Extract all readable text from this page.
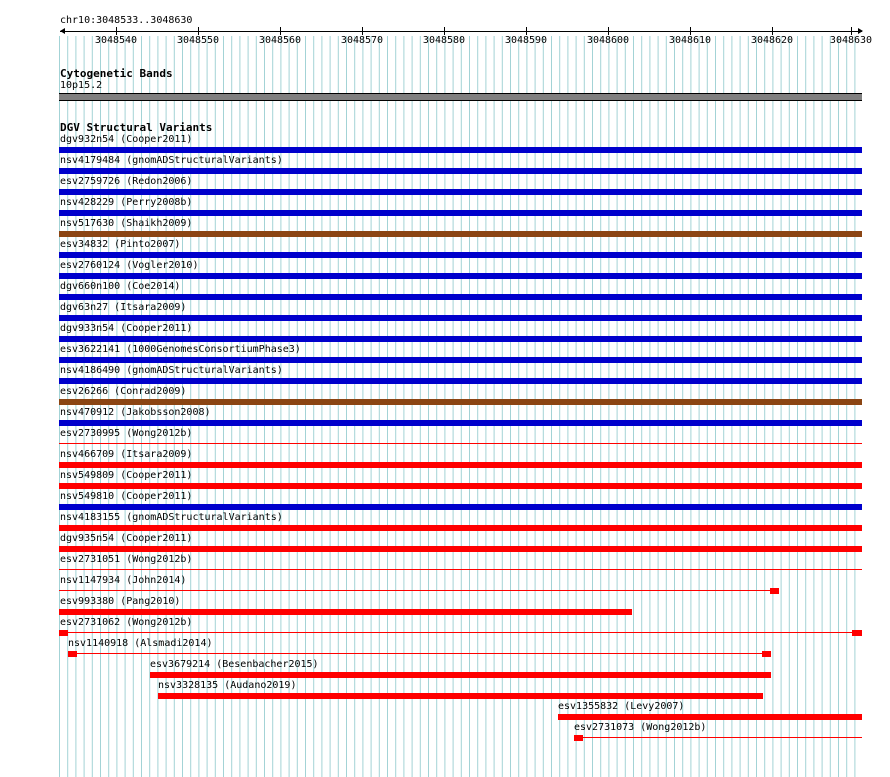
chr10:3048533..3048630
3048540	3048550	3048560	3048570	3048580	3048590	3048600	3048610	3048620	3048630
Cytogenetic Bands
10p15.2
DGV Structural Variants
dgv932n54 (Cooper2011)
nsv4179484 (gnomADStructuralVariants)
esv2759726 (Redon2006)
nsv428229 (Perry2008b)
nsv517630 (Shaikh2009)
esv34832 (Pinto2007)
esv2760124 (Vogler2010)
dgv660n100 (Coe2014)
dgv63n27 (Itsara2009)
dgv933n54 (Cooper2011)
esv3622141 (1000GenomesConsortiumPhase3)
nsv4186490 (gnomADStructuralVariants)
esv26266 (Conrad2009)
nsv470912 (Jakobsson2008)
esv2730995 (Wong2012b)
nsv466709 (Itsara2009)
nsv549809 (Cooper2011)
nsv549810 (Cooper2011)
nsv4183155 (gnomADStructuralVariants)
dgv935n54 (Cooper2011)
esv2731051 (Wong2012b)
nsv1147934 (John2014)
esv993380 (Pang2010)
esv2731062 (Wong2012b)
nsv1140918 (Alsmadi2014)
esv3679214 (Besenbacher2015)
nsv3328135 (Audano2019)
esv1355832 (Levy2007)
esv2731073 (Wong2012b)
